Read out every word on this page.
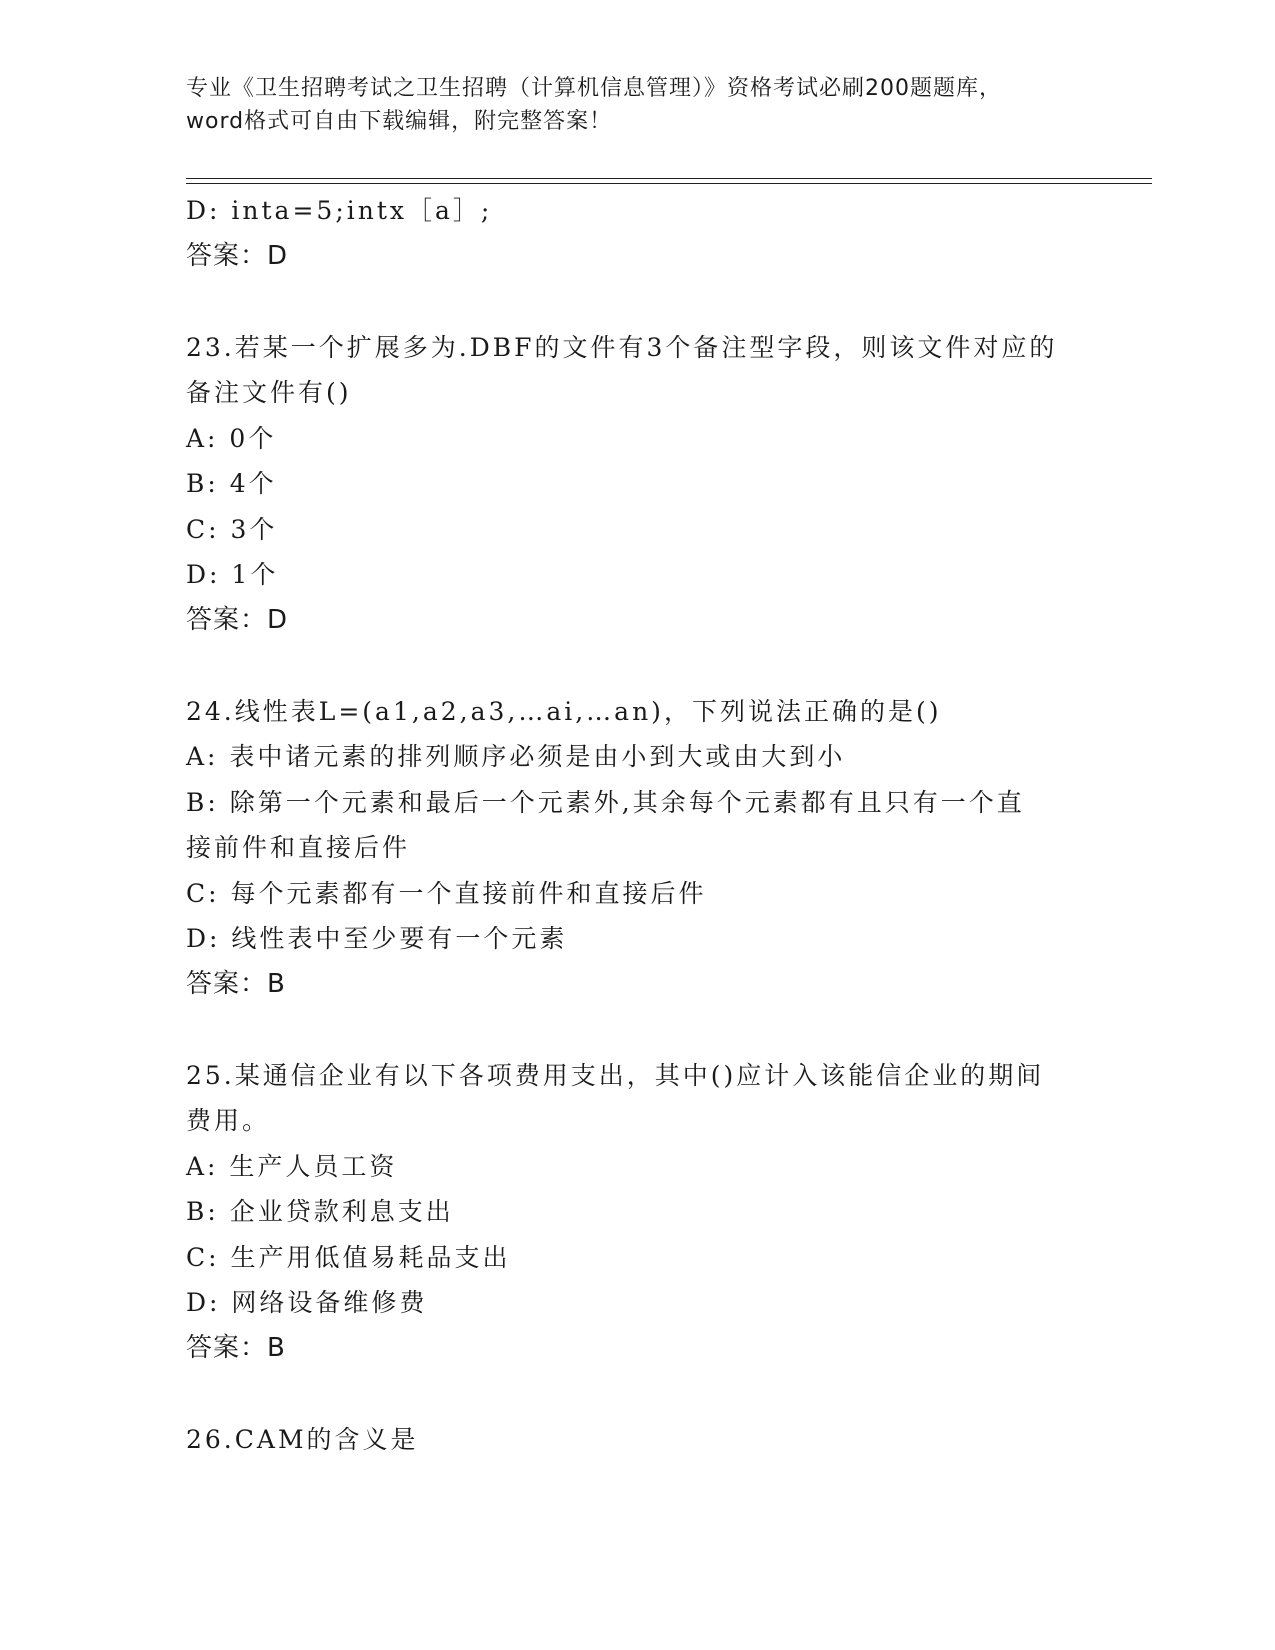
专业《卫生招聘考试之卫生招聘（计算机信息管理）》资格考试必刷200题题库，
word格式可自由下载编辑，附完整答案！
D: inta=5;intx［a］;
答案：D
23.若某一个扩展多为.DBF的文件有3个备注型字段，则该文件对应的
备注文件有()
A: 0个
B: 4个
C: 3个
D: 1个
答案：D
24.线性表L=(a1,a2,a3,…ai,…an)，下列说法正确的是()
A: 表中诸元素的排列顺序必须是由小到大或由大到小
B: 除第一个元素和最后一个元素外,其余每个元素都有且只有一个直
接前件和直接后件
C: 每个元素都有一个直接前件和直接后件
D: 线性表中至少要有一个元素
答案：B
25.某通信企业有以下各项费用支出，其中()应计入该能信企业的期间
费用。
A: 生产人员工资
B: 企业贷款利息支出
C: 生产用低值易耗品支出
D: 网络设备维修费
答案：B
26.CAM的含义是
